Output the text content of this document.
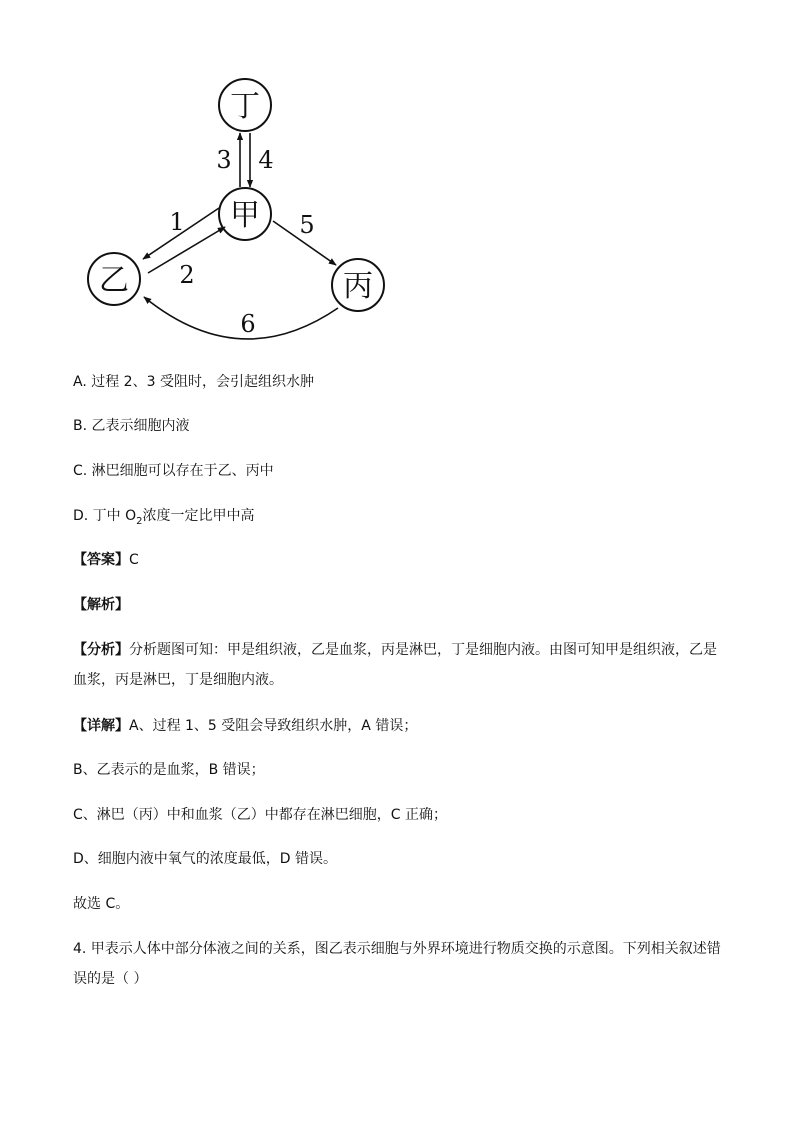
丁
甲
乙	丙
3 4
1
2
5
6
A. 过程 2、3 受阻时，会引起组织水肿
B. 乙表示细胞内液
C. 淋巴细胞可以存在于乙、丙中
D. 丁中 $O_2$浓度一定比甲中高
【答案】C
【解析】
【分析】分析题图可知：甲是组织液，乙是血浆，丙是淋巴，丁是细胞内液。由图可知甲是组织液，乙是
血浆，丙是淋巴，丁是细胞内液。
【详解】A、过程 1、5 受阻会导致组织水肿，A 错误；
B、乙表示的是血浆，B 错误；
C、淋巴（丙）中和血浆（乙）中都存在淋巴细胞，C 正确；
D、细胞内液中氧气的浓度最低，D 错误。
故选 C。
4. 甲表示人体中部分体液之间的关系，图乙表示细胞与外界环境进行物质交换的示意图。下列相关叙述错
误的是（ ）
